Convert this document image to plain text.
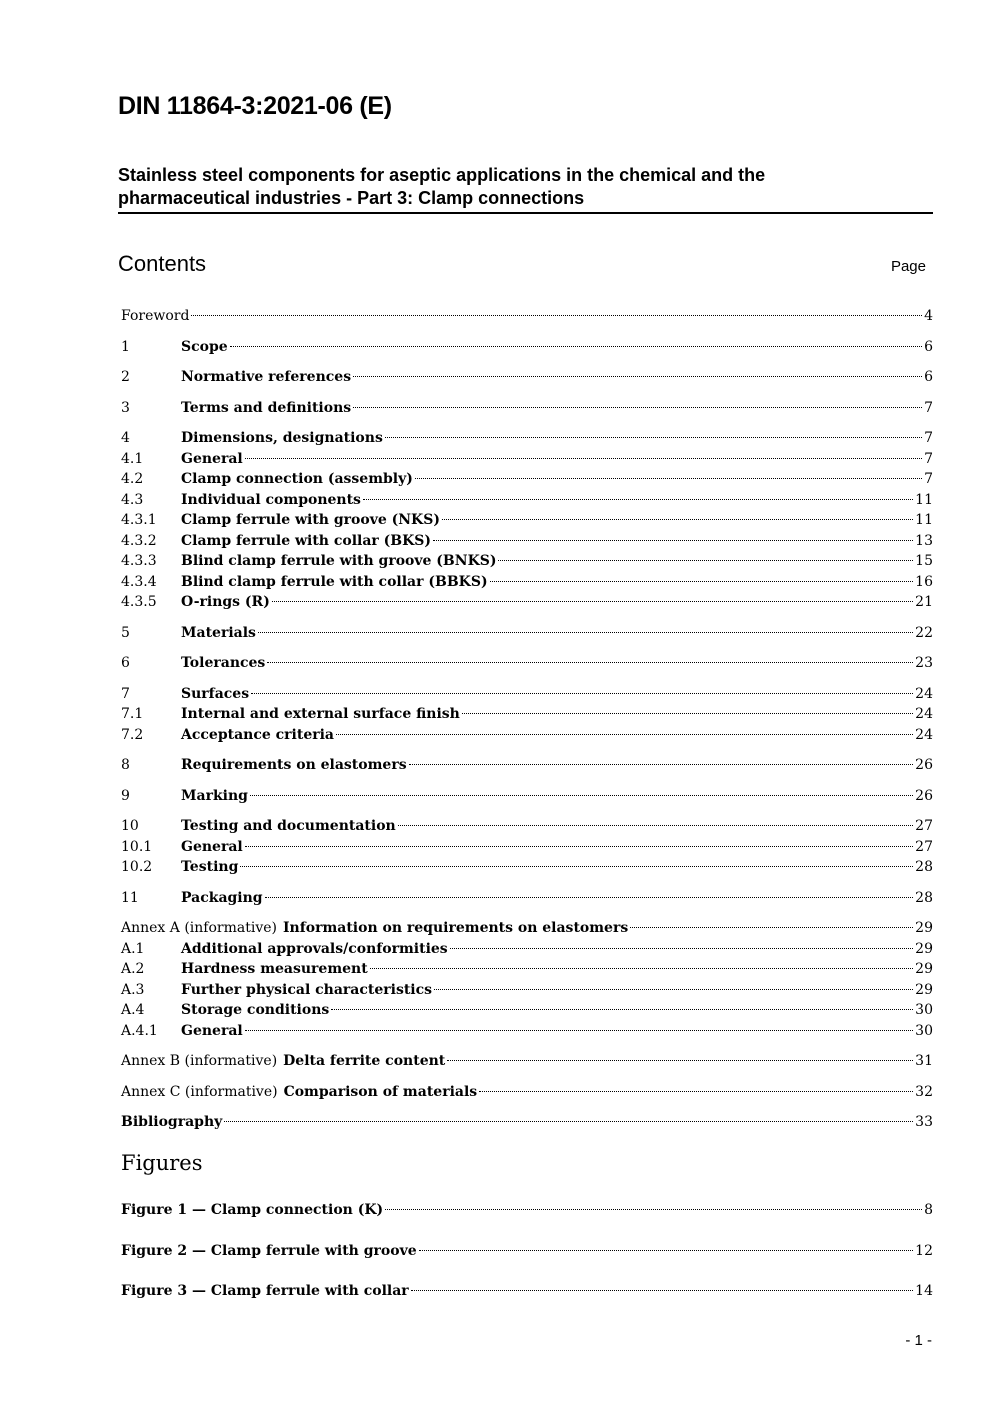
DIN 11864-3:2021-06 (E)
Stainless steel components for aseptic applications in the chemical and the
pharmaceutical industries - Part 3: Clamp connections
Contents	Page
Foreword	4
1	Scope	6
2	Normative references	6
3	Terms and definitions	7
4	Dimensions, designations	7
4.1	General	7
4.2	Clamp connection (assembly)	7
4.3	Individual components	11
4.3.1	Clamp ferrule with groove (NKS)	11
4.3.2	Clamp ferrule with collar (BKS)	13
4.3.3	Blind clamp ferrule with groove (BNKS)	15
4.3.4	Blind clamp ferrule with collar (BBKS)	16
4.3.5	O-rings (R)	21
5	Materials	22
6	Tolerances	23
7	Surfaces	24
7.1	Internal and external surface finish	24
7.2	Acceptance criteria	24
8	Requirements on elastomers	26
9	Marking	26
10	Testing and documentation	27
10.1	General	27
10.2	Testing	28
11	Packaging	28
Annex A (informative) Information on requirements on elastomers	29
A.1	Additional approvals/conformities	29
A.2	Hardness measurement	29
A.3	Further physical characteristics	29
A.4	Storage conditions	30
A.4.1	General	30
Annex B (informative) Delta ferrite content	31
Annex C (informative) Comparison of materials	32
Bibliography	33
Figures
Figure 1 — Clamp connection (K)	8
Figure 2 — Clamp ferrule with groove	12
Figure 3 — Clamp ferrule with collar	14
- 1 -
